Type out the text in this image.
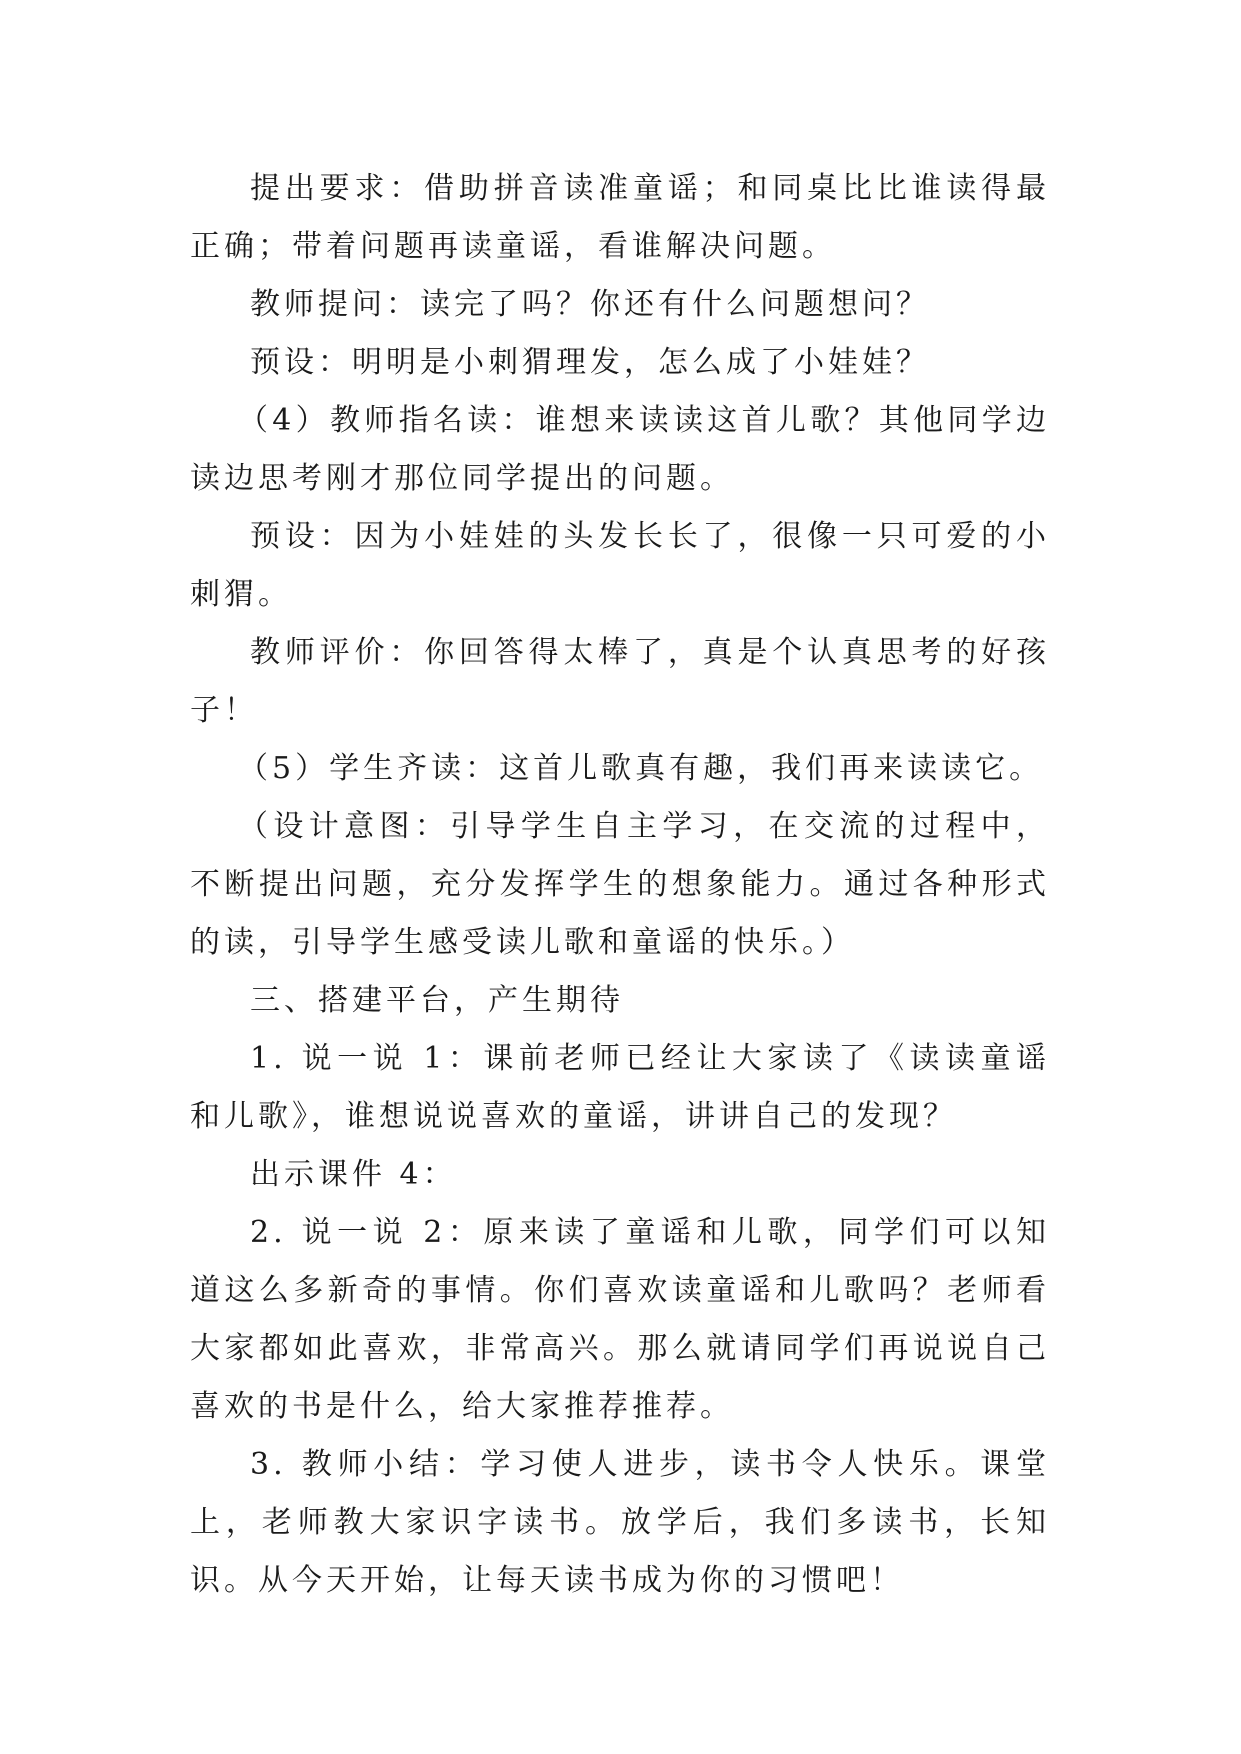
提出要求：借助拼音读准童谣；和同桌比比谁读得最正确；带着问题再读童谣，看谁解决问题。

教师提问：读完了吗？你还有什么问题想问？

预设：明明是小刺猬理发，怎么成了小娃娃？

（4）教师指名读：谁想来读读这首儿歌？其他同学边读边思考刚才那位同学提出的问题。

预设：因为小娃娃的头发长长了，很像一只可爱的小刺猬。

教师评价：你回答得太棒了，真是个认真思考的好孩子！

（5）学生齐读：这首儿歌真有趣，我们再来读读它。

（设计意图：引导学生自主学习，在交流的过程中，不断提出问题，充分发挥学生的想象能力。通过各种形式的读，引导学生感受读儿歌和童谣的快乐。）

三、搭建平台，产生期待

1. 说一说 1：课前老师已经让大家读了《读读童谣和儿歌》，谁想说说喜欢的童谣，讲讲自己的发现？

出示课件 4：

2. 说一说 2：原来读了童谣和儿歌，同学们可以知道这么多新奇的事情。你们喜欢读童谣和儿歌吗？老师看大家都如此喜欢，非常高兴。那么就请同学们再说说自己喜欢的书是什么，给大家推荐推荐。

3. 教师小结：学习使人进步，读书令人快乐。课堂上，老师教大家识字读书。放学后，我们多读书，长知识。从今天开始，让每天读书成为你的习惯吧！
